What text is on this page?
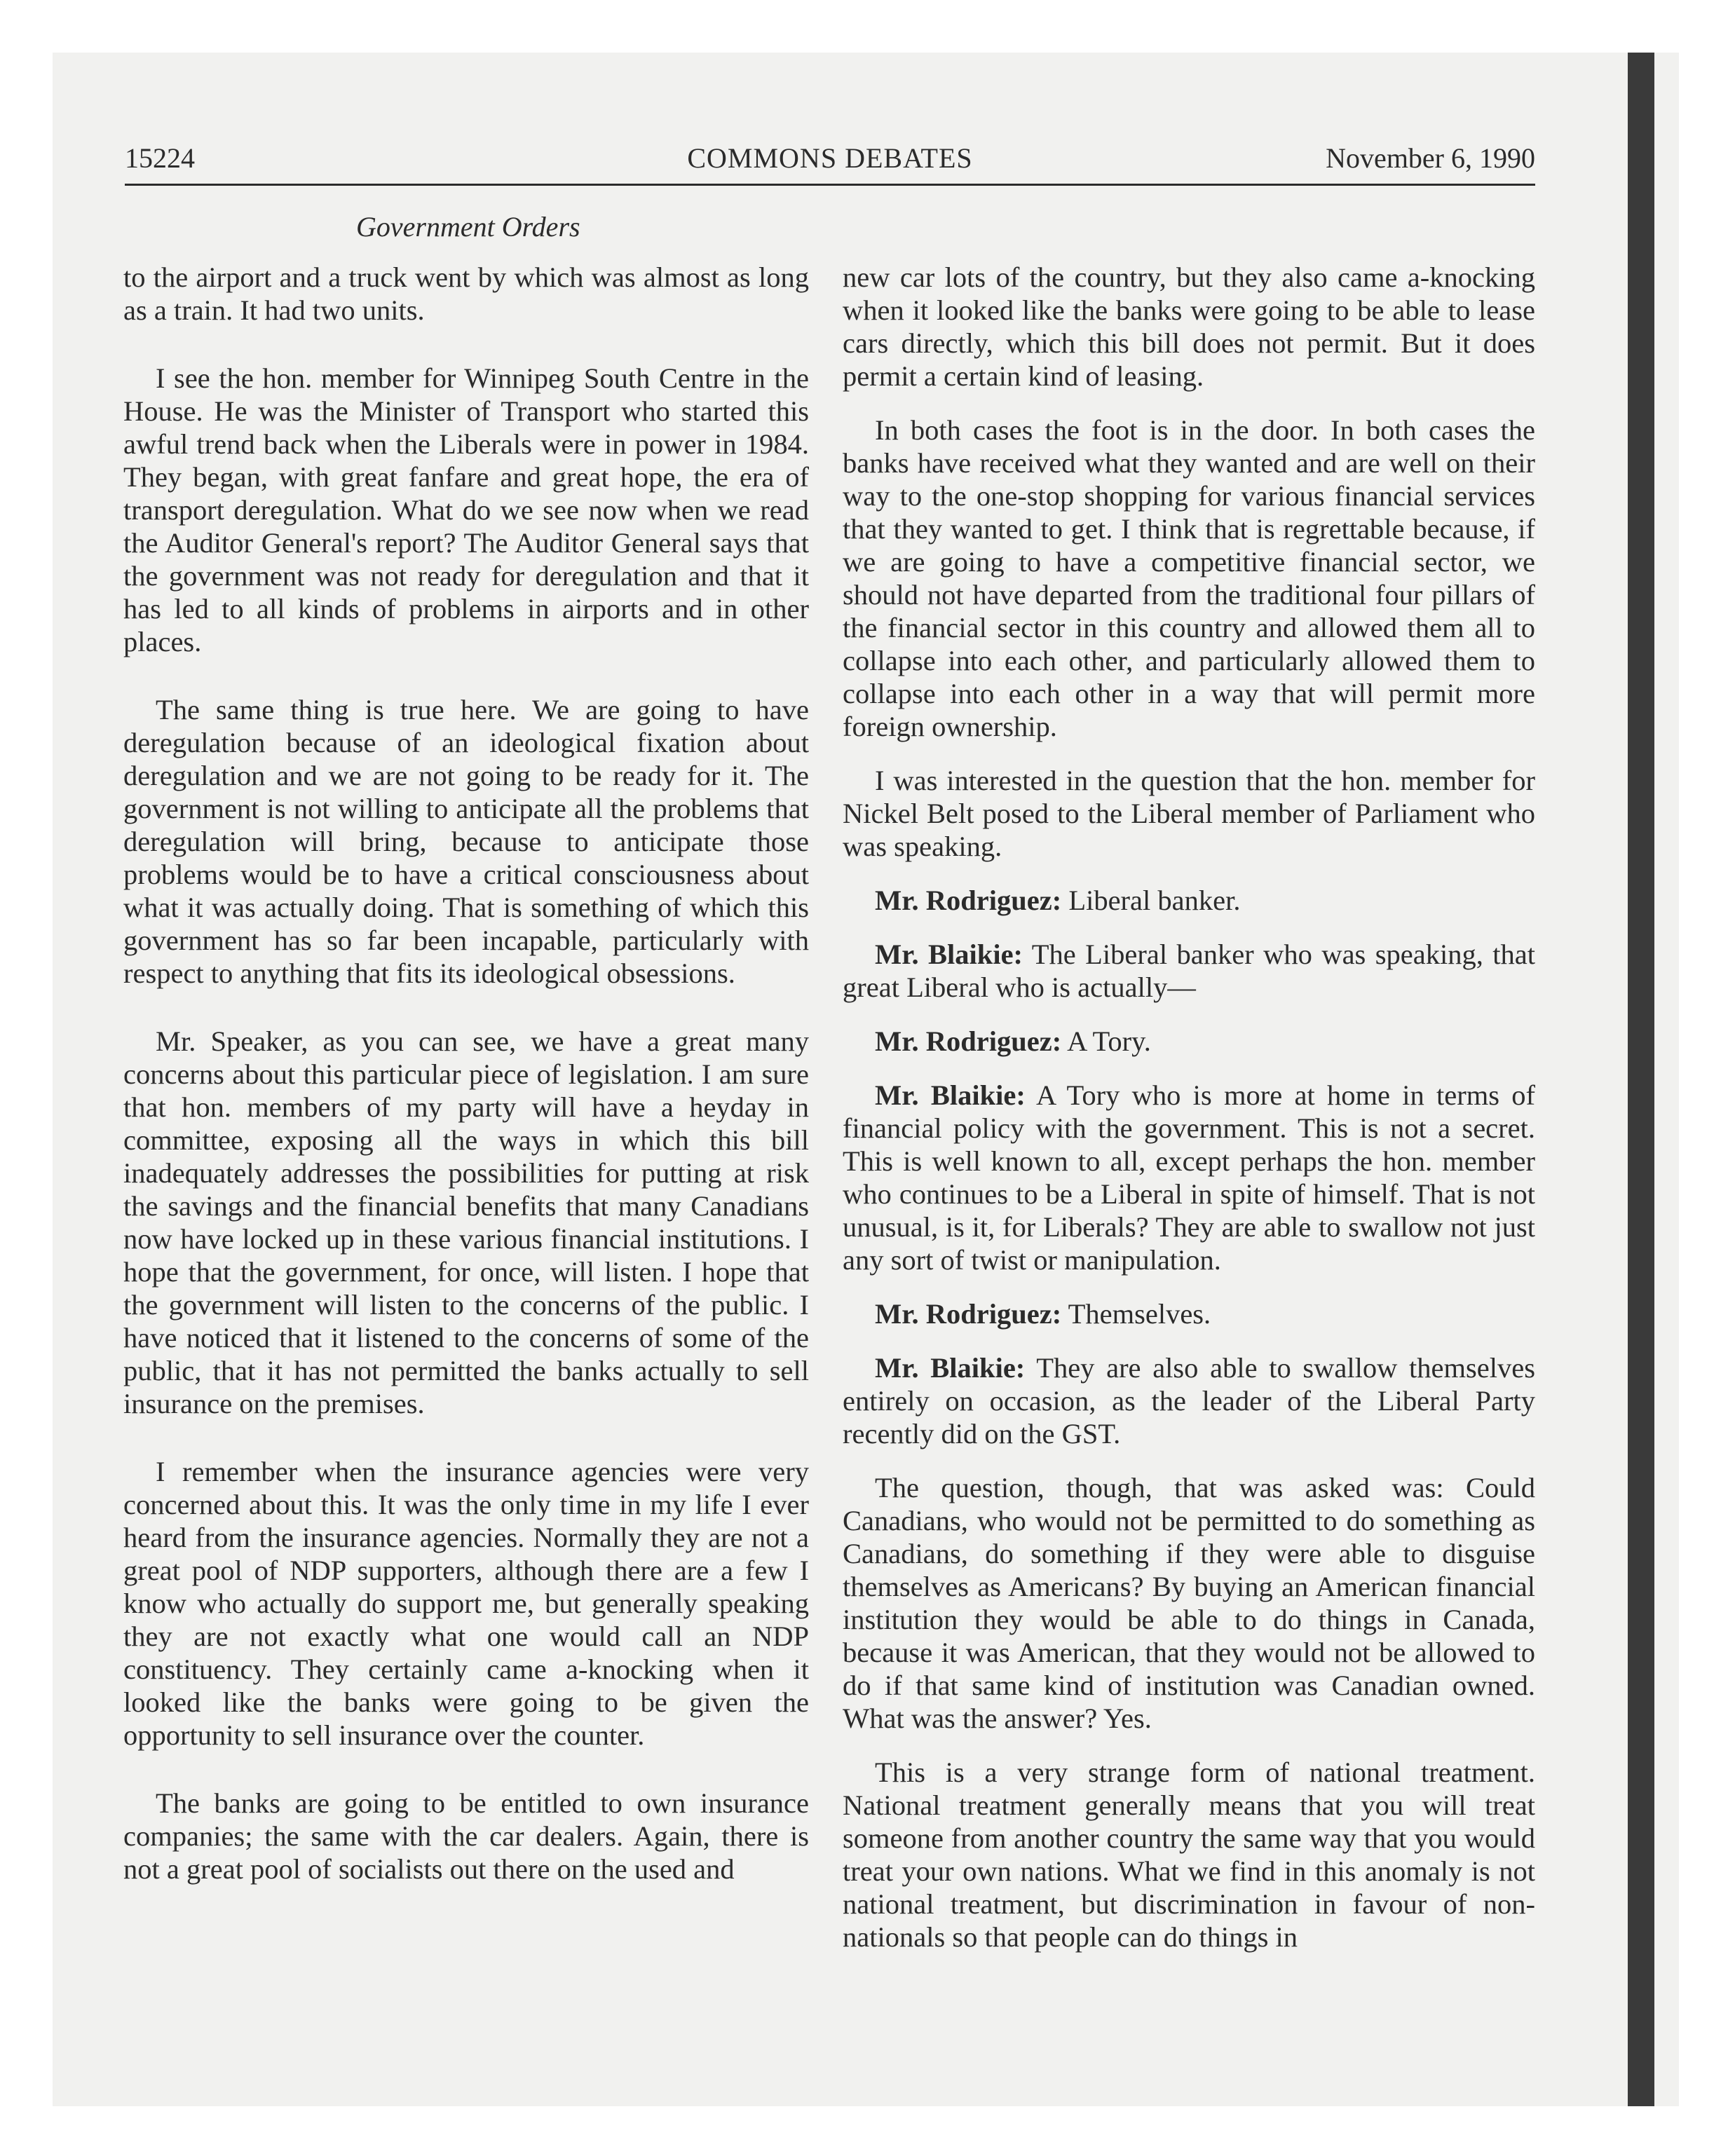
15224	COMMONS DEBATES	November 6, 1990
Government Orders

to the airport and a truck went by which was almost as long as a train. It had two units.

I see the hon. member for Winnipeg South Centre in the House. He was the Minister of Transport who started this awful trend back when the Liberals were in power in 1984. They began, with great fanfare and great hope, the era of transport deregulation. What do we see now when we read the Auditor General's report? The Auditor General says that the government was not ready for deregulation and that it has led to all kinds of problems in airports and in other places.

The same thing is true here. We are going to have deregulation because of an ideological fixation about deregulation and we are not going to be ready for it. The government is not willing to anticipate all the problems that deregulation will bring, because to anticipate those problems would be to have a critical consciousness about what it was actually doing. That is something of which this government has so far been incapable, particularly with respect to anything that fits its ideological obsessions.

Mr. Speaker, as you can see, we have a great many concerns about this particular piece of legislation. I am sure that hon. members of my party will have a heyday in committee, exposing all the ways in which this bill inadequately addresses the possibilities for putting at risk the savings and the financial benefits that many Canadians now have locked up in these various financial institutions. I hope that the government, for once, will listen. I hope that the government will listen to the concerns of the public. I have noticed that it listened to the concerns of some of the public, that it has not permitted the banks actually to sell insurance on the premises.

I remember when the insurance agencies were very concerned about this. It was the only time in my life I ever heard from the insurance agencies. Normally they are not a great pool of NDP supporters, although there are a few I know who actually do support me, but generally speaking they are not exactly what one would call an NDP constituency. They certainly came a-knocking when it looked like the banks were going to be given the opportunity to sell insurance over the counter.

The banks are going to be entitled to own insurance companies; the same with the car dealers. Again, there is not a great pool of socialists out there on the used and

new car lots of the country, but they also came a-knocking when it looked like the banks were going to be able to lease cars directly, which this bill does not permit. But it does permit a certain kind of leasing.

In both cases the foot is in the door. In both cases the banks have received what they wanted and are well on their way to the one-stop shopping for various financial services that they wanted to get. I think that is regrettable because, if we are going to have a competitive financial sector, we should not have departed from the traditional four pillars of the financial sector in this country and allowed them all to collapse into each other, and particularly allowed them to collapse into each other in a way that will permit more foreign ownership.

I was interested in the question that the hon. member for Nickel Belt posed to the Liberal member of Parliament who was speaking.

Mr. Rodriguez: Liberal banker.

Mr. Blaikie: The Liberal banker who was speaking, that great Liberal who is actually—

Mr. Rodriguez: A Tory.

Mr. Blaikie: A Tory who is more at home in terms of financial policy with the government. This is not a secret. This is well known to all, except perhaps the hon. member who continues to be a Liberal in spite of himself. That is not unusual, is it, for Liberals? They are able to swallow not just any sort of twist or manipulation.

Mr. Rodriguez: Themselves.

Mr. Blaikie: They are also able to swallow themselves entirely on occasion, as the leader of the Liberal Party recently did on the GST.

The question, though, that was asked was: Could Canadians, who would not be permitted to do something as Canadians, do something if they were able to disguise themselves as Americans? By buying an American financial institution they would be able to do things in Canada, because it was American, that they would not be allowed to do if that same kind of institution was Canadian owned. What was the answer? Yes.

This is a very strange form of national treatment. National treatment generally means that you will treat someone from another country the same way that you would treat your own nations. What we find in this anomaly is not national treatment, but discrimination in favour of non-nationals so that people can do things in
